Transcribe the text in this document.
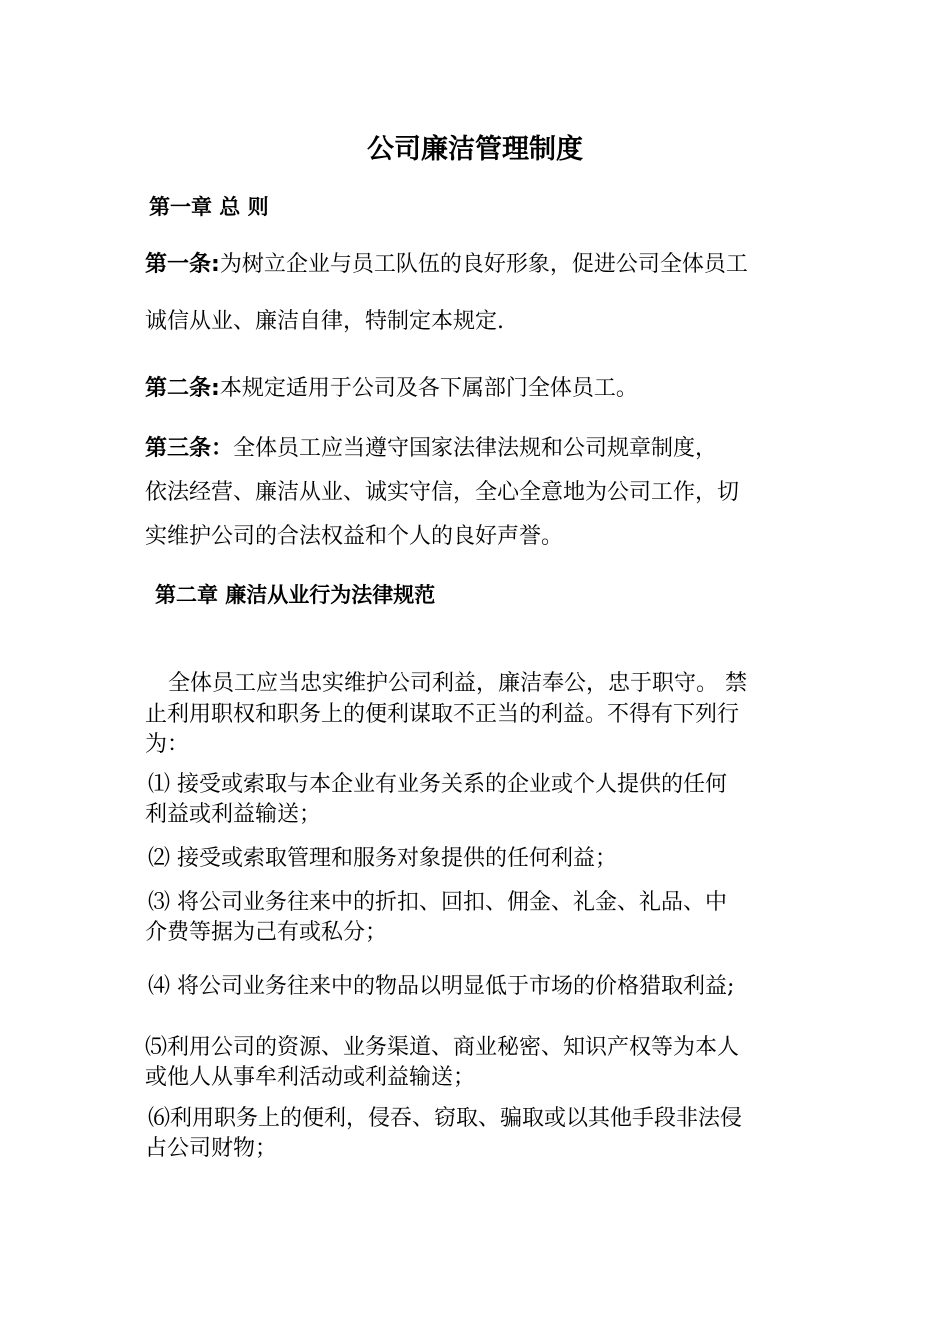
公司廉洁管理制度
第一章 总 则
第一条:为树立企业与员工队伍的良好形象，促进公司全体员工
诚信从业、廉洁自律，特制定本规定.
第二条:本规定适用于公司及各下属部门全体员工。
第三条：全体员工应当遵守国家法律法规和公司规章制度，
依法经营、廉洁从业、诚实守信，全心全意地为公司工作，切
实维护公司的合法权益和个人的良好声誉。
第二章 廉洁从业行为法律规范
全体员工应当忠实维护公司利益，廉洁奉公，忠于职守。 禁
止利用职权和职务上的便利谋取不正当的利益。不得有下列行
为：
⑴ 接受或索取与本企业有业务关系的企业或个人提供的任何
利益或利益输送；
⑵ 接受或索取管理和服务对象提供的任何利益；
⑶ 将公司业务往来中的折扣、回扣、佣金、礼金、礼品、中
介费等据为己有或私分；
⑷ 将公司业务往来中的物品以明显低于市场的价格猎取利益;
⑸利用公司的资源、业务渠道、商业秘密、知识产权等为本人
或他人从事牟利活动或利益输送；
⑹利用职务上的便利，侵吞、窃取、骗取或以其他手段非法侵
占公司财物；
